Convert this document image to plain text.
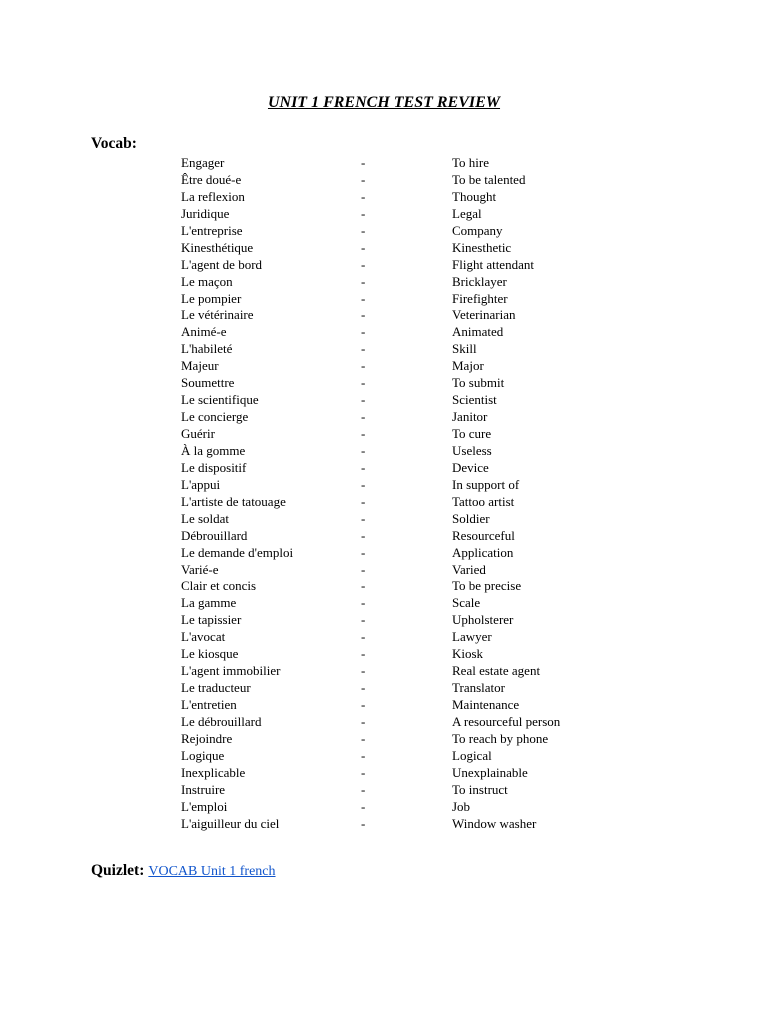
UNIT 1 FRENCH TEST REVIEW
Vocab:
Engager	-	To hire
Être doué-e	-	To be talented
La reflexion	-	Thought
Juridique	-	Legal
L'entreprise	-	Company
Kinesthétique	-	Kinesthetic
L'agent de bord	-	Flight attendant
Le maçon	-	Bricklayer
Le pompier	-	Firefighter
Le vétérinaire	-	Veterinarian
Animé-e	-	Animated
L'habileté	-	Skill
Majeur	-	Major
Soumettre	-	To submit
Le scientifique	-	Scientist
Le concierge	-	Janitor
Guérir	-	To cure
À la gomme	-	Useless
Le dispositif	-	Device
L'appui	-	In support of
L'artiste de tatouage	-	Tattoo artist
Le soldat	-	Soldier
Débrouillard	-	Resourceful
Le demande d'emploi	-	Application
Varié-e	-	Varied
Clair et concis	-	To be precise
La gamme	-	Scale
Le tapissier	-	Upholsterer
L'avocat	-	Lawyer
Le kiosque	-	Kiosk
L'agent immobilier	-	Real estate agent
Le traducteur	-	Translator
L'entretien	-	Maintenance
Le débrouillard	-	A resourceful person
Rejoindre	-	To reach by phone
Logique	-	Logical
Inexplicable	-	Unexplainable
Instruire	-	To instruct
L'emploi	-	Job
L'aiguilleur du ciel	-	Window washer
Quizlet: VOCAB Unit 1 french
